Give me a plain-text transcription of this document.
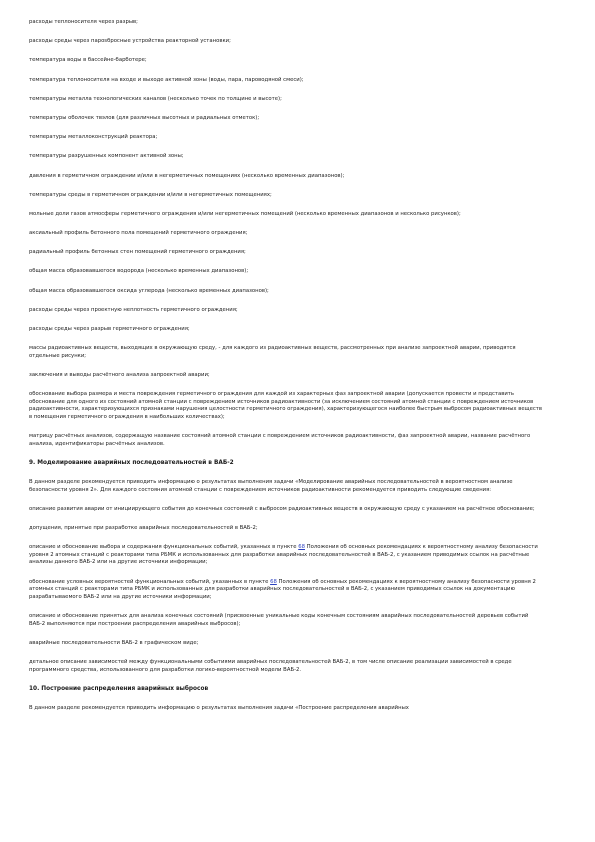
расходы теплоносителя через разрыв;
расходы среды через парosбросные устройства реакторной установки;
температура воды в бассейне-барботере;
температура теплоносителя на входе и выходе активной зоны (воды, пара, пароводяной смеси);
температуры металла технологических каналов (несколько точек по толщине и высоте);
температуры оболочек твэлов (для различных высотных и радиальных отметок);
температуры металлоконструкций реактора;
температуры разрушенных компонент активной зоны;
давления в герметичном ограждении и/или в негерметичных помещениях (несколько временных диапазонов);
температуры среды в герметичном ограждении и/или в негерметичных помещениях;
мольные доли газов атмосферы герметичного ограждения и/или негерметичных помещений (несколько временных диапазонов и несколько рисунков);
аксиальный профиль бетонного пола помещений герметичного ограждения;
радиальный профиль бетонных стен помещений герметичного ограждения;
общая масса образовавшегося водорода (несколько временных диапазонов);
общая масса образовавшегося оксида углерода (несколько временных диапазонов);
расходы среды через проектную неплотность герметичного ограждения;
расходы среды через разрыв герметичного ограждения;
массы радиоактивных веществ, выходящих в окружающую среду, - для каждого из радиоактивных веществ, рассмотренных при анализе запроектной аварии, приводятся отдельные рисунки;
заключения и выводы расчётного анализа запроектной аварии;
обоснование выбора размера и места повреждения герметичного ограждения для каждой из характерных фаз запроектной аварии (допускается провести и представить обоснование для одного из состояний атомной станции с повреждением источников радиоактивности (за исключением состояний атомной станции с повреждением источников радиоактивности, характеризующихся признаками нарушения целостности герметичного ограждения), характеризующегося наиболее быстрым выбросом радиоактивных веществ в помещения герметичного ограждения в наибольших количествах);
матрицу расчётных анализов, содержащую название состояний атомной станции с повреждением источников радиоактивности, фаз запроектной аварии, название расчётного анализа, идентификаторы расчётных анализов.
9. Моделирование аварийных последовательностей в ВАБ-2
В данном разделе рекомендуется приводить информацию о результатах выполнения задачи «Моделирование аварийных последовательностей в вероятностном анализе безопасности уровня 2». Для каждого состояния атомной станции с повреждением источников радиоактивности рекомендуется приводить следующие сведения:
описание развития аварии от инициирующего события до конечных состояний с выбросом радиоактивных веществ в окружающую среду с указанием на расчётное обоснование;
допущения, принятые при разработке аварийных последовательностей в ВАБ-2;
описание и обоснование выбора и содержания функциональных событий, указанных в пункте 68 Положения об основных рекомендациях к вероятностному анализу безопасности уровня 2 атомных станций с реакторами типа РБМК и использованных для разработки аварийных последовательностей в ВАБ-2, с указанием приводимых ссылок на расчётные анализы данного ВАБ-2 или на другие источники информации;
обоснование условных вероятностей функциональных событий, указанных в пункте 68 Положения об основных рекомендациях к вероятностному анализу безопасности уровня 2 атомных станций с реакторами типа РБМК и использованных для разработки аварийных последовательностей в ВАБ-2, с указанием приводимых ссылок на документацию разрабатываемого ВАБ-2 или на другие источники информации;
описание и обоснование принятых для анализа конечных состояний (присвоенные уникальные коды конечным состояниям аварийных последовательностей деревьев событий ВАБ-2 выполняются при построении распределения аварийных выбросов);
аварийные последовательности ВАБ-2 в графическом виде;
детальное описание зависимостей между функциональными событиями аварийных последовательностей ВАБ-2, в том числе описание реализации зависимостей в среде программного средства, использованного для разработки логико-вероятностной модели ВАБ-2.
10. Построение распределения аварийных выбросов
В данном разделе рекомендуется приводить информацию о результатах выполнения задачи «Построение распределения аварийных
